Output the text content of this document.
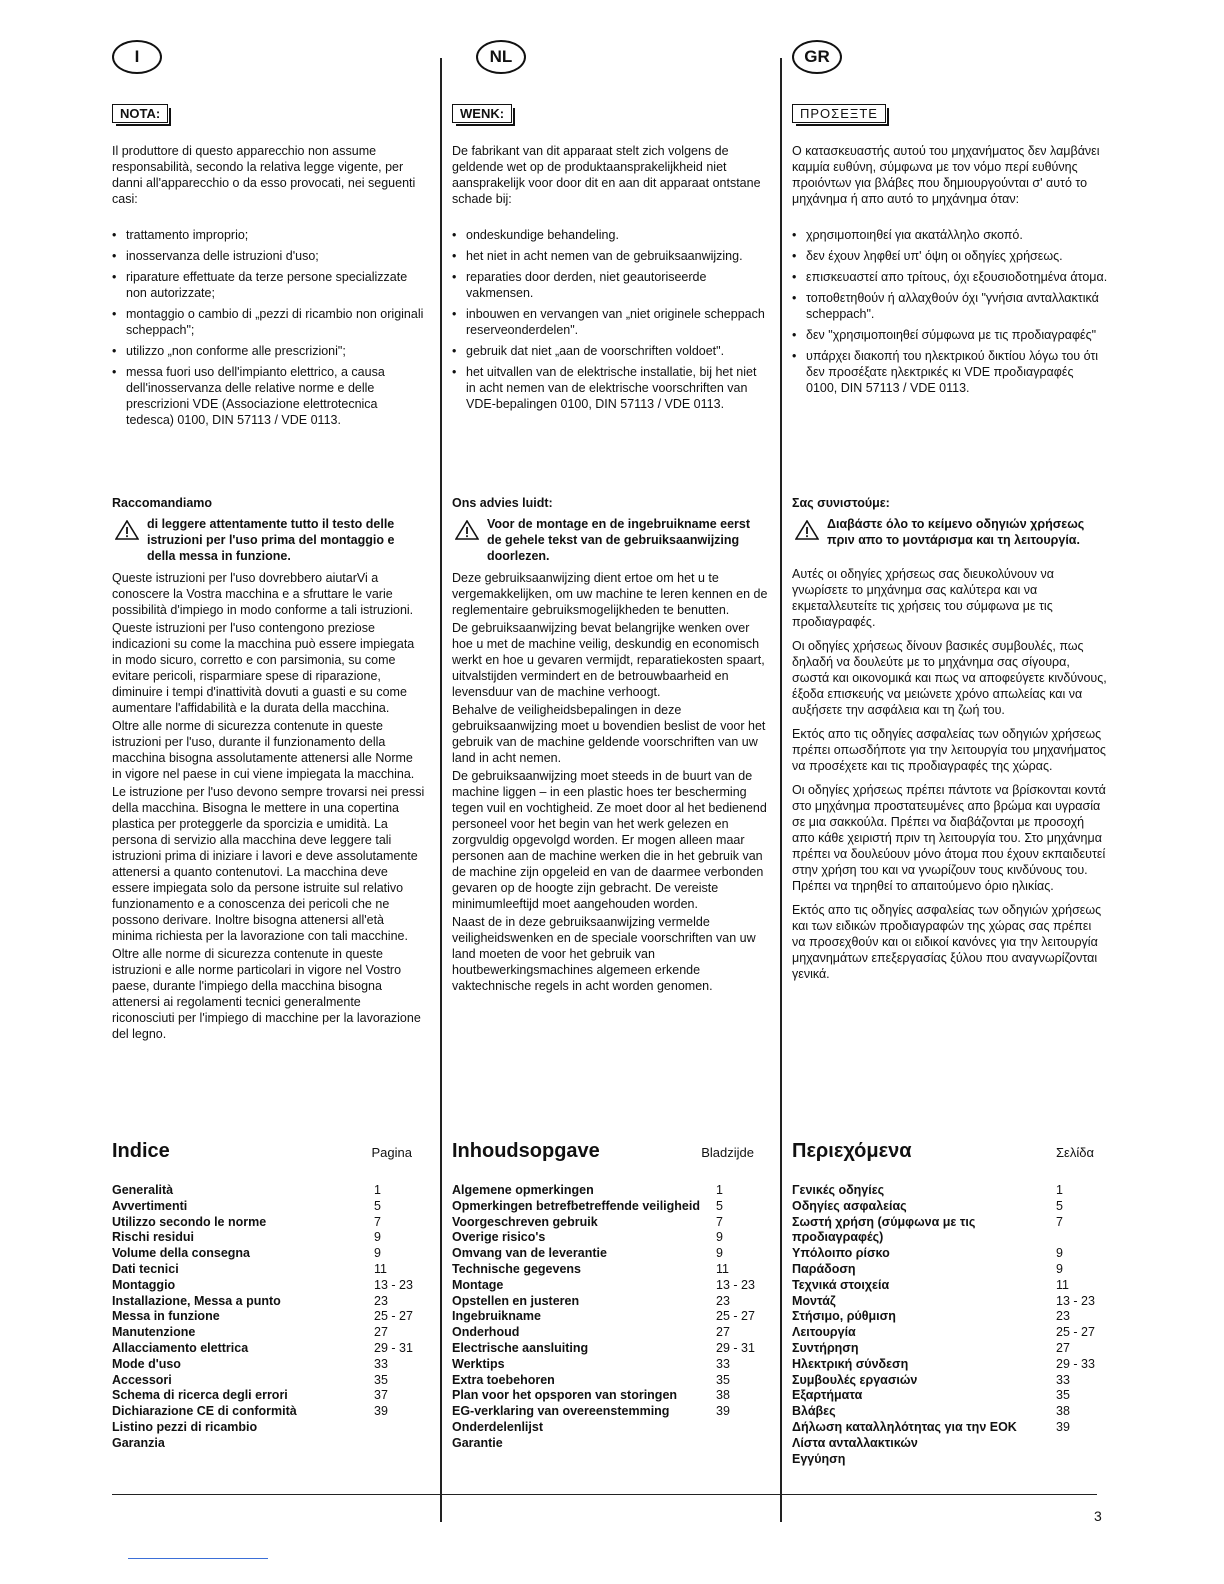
3
I
NOTA:

Il produttore di questo apparecchio non assume responsabilità, secondo la relativa legge vigente, per danni all'apparecchio o da esso provocati, nei seguenti casi:

• trattamento improprio;
• inosservanza delle istruzioni d'uso;
• riparature effettuate da terze persone specializzate non autorizzate;
• montaggio o cambio di „pezzi di ricambio non originali scheppach";
• utilizzo „non conforme alle prescrizioni";
• messa fuori uso dell'impianto elettrico, a causa dell'inosservanza delle relative norme e delle prescrizioni VDE (Associazione elettrotecnica tedesca) 0100, DIN 57113 / VDE 0113.
Raccomandiamo
di leggere attentamente tutto il testo delle istruzioni per l'uso prima del montaggio e della messa in funzione.

Queste istruzioni per l'uso dovrebbero aiutarVi a conoscere la Vostra macchina e a sfruttare le varie possibilità d'impiego in modo conforme a tali istruzioni.

Queste istruzioni per l'uso contengono preziose indicazioni su come la macchina può essere impiegata in modo sicuro, corretto e con parsimonia, su come evitare pericoli, risparmiare spese di riparazione, diminuire i tempi d'inattività dovuti a guasti e su come aumentare l'affidabilità e la durata della macchina.

Oltre alle norme di sicurezza contenute in queste istruzioni per l'uso, durante il funzionamento della macchina bisogna assolutamente attenersi alle Norme in vigore nel paese in cui viene impiegata la macchina.

Le istruzione per l'uso devono sempre trovarsi nei pressi della macchina. Bisogna le mettere in una copertina plastica per proteggerle da sporcizia e umidità. La persona di servizio alla macchina deve leggere tali istruzioni prima di iniziare i lavori e deve assolutamente attenersi a quanto contenutovi. La macchina deve essere impiegata solo da persone istruite sul relativo funzionamento e a conoscenza dei pericoli che ne possono derivare. Inoltre bisogna attenersi all'età minima richiesta per la lavorazione con tali macchine.

Oltre alle norme di sicurezza contenute in queste istruzioni e alle norme particolari in vigore nel Vostro paese, durante l'impiego della macchina bisogna attenersi ai regolamenti tecnici generalmente riconosciuti per l'impiego di macchine per la lavorazione del legno.

Indice	Pagina
Generalità	1
Avvertimenti	5
Utilizzo secondo le norme	7
Rischi residui	9
Volume della consegna	9
Dati tecnici	11
Montaggio	13 - 23
Installazione, Messa a punto	23
Messa in funzione	25 - 27
Manutenzione	27
Allacciamento elettrica	29 - 31
Mode d'uso	33
Accessori	35
Schema di ricerca degli errori	37
Dichiarazione CE di conformità	39
Listino pezzi di ricambio	
Garanzia	
NL
WENK:

De fabrikant van dit apparaat stelt zich volgens de geldende wet op de produktaansprakelijkheid niet aansprakelijk voor door dit en aan dit apparaat ontstane schade bij:

• ondeskundige behandeling.
• het niet in acht nemen van de gebruiksaanwijzing.
• reparaties door derden, niet geautoriseerde vakmensen.
• inbouwen en vervangen van „niet originele scheppach reserveonderdelen".
• gebruik dat niet „aan de voorschriften voldoet".
• het uitvallen van de elektrische installatie, bij het niet in acht nemen van de elektrische voorschriften van VDE-bepalingen 0100, DIN 57113 / VDE 0113.
Ons advies luidt:
Voor de montage en de ingebruikname eerst de gehele tekst van de gebruiksaanwijzing doorlezen.

Deze gebruiksaanwijzing dient ertoe om het u te vergemakkelijken, om uw machine te leren kennen en de reglementaire gebruiksmogelijkheden te benutten.

De gebruiksaanwijzing bevat belangrijke wenken over hoe u met de machine veilig, deskundig en economisch werkt en hoe u gevaren vermijdt, reparatiekosten spaart, uitvalstijden vermindert en de betrouwbaarheid en levensduur van de machine verhoogt.

Behalve de veiligheidsbepalingen in deze gebruiksaanwijzing moet u bovendien beslist de voor het gebruik van de machine geldende voorschriften van uw land in acht nemen.

De gebruiksaanwijzing moet steeds in de buurt van de machine liggen – in een plastic hoes ter bescherming tegen vuil en vochtigheid. Ze moet door al het bedienend personeel voor het begin van het werk gelezen en zorgvuldig opgevolgd worden. Er mogen alleen maar personen aan de machine werken die in het gebruik van de machine zijn opgeleid en van de daarmee verbonden gevaren op de hoogte zijn gebracht. De vereiste minimumleeftijd moet aangehouden worden.

Naast de in deze gebruiksaanwijzing vermelde veiligheidswenken en de speciale voorschriften van uw land moeten de voor het gebruik van houtbewerkingsmachines algemeen erkende vaktechnische regels in acht worden genomen.

Inhoudsopgave	Bladzijde
Algemene opmerkingen	1
Opmerkingen betrefbetreffende veiligheid	5
Voorgeschreven gebruik	7
Overige risico's	9
Omvang van de leverantie	9
Technische gegevens	11
Montage	13 - 23
Opstellen en justeren	23
Ingebruikname	25 - 27
Onderhoud	27
Electrische aansluiting	29 - 31
Werktips	33
Extra toebehoren	35
Plan voor het opsporen van storingen	38
EG-verklaring van overeenstemming	39
Onderdelenlijst	
Garantie	
GR
ΠΡΟΣΕΞΤΕ

Ο κατασκευαστής αυτού του μηχανήματος δεν λαμβάνει καμμία ευθύνη, σύμφωνα με τον νόμο περί ευθύνης προιόντων για βλάβες που δημιουργούνται σ' αυτό το μηχάνημα ή απο αυτό το μηχάνημα όταν:

• χρησιμοποιηθεί για ακατάλληλο σκοπό.
• δεν έχουν ληφθεί υπ' όψη οι οδηγίες χρήσεως.
• επισκευαστεί απο τρίτους, όχι εξουσιοδοτημένα άτομα.
• τοποθετηθούν ή αλλαχθούν όχι "γνήσια ανταλλακτικά scheppach".
• δεν "χρησιμοποιηθεί σύμφωνα με τις προδιαγραφές"
• υπάρχει διακοπή του ηλεκτρικού δικτίου λόγω του ότι δεν προσέξατε ηλεκτρικές κι VDE προδιαγραφές 0100, DIN 57113 / VDE 0113.
Σας συνιστούμε:
Διαβάστε όλο το κείμενο οδηγιών χρήσεως πριν απο το μοντάρισμα και τη λειτουργία.

Αυτές οι οδηγίες χρήσεως σας διευκολύνουν να γνωρίσετε το μηχάνημα σας καλύτερα και να εκμεταλλευτείτε τις χρήσεις του σύμφωνα με τις προδιαγραφές.

Οι οδηγίες χρήσεως δίνουν βασικές συμβουλές, πως δηλαδή να δουλεύτε με το μηχάνημα σας σίγουρα, σωστά και οικονομικά και πως να αποφεύγετε κινδύνους, έξοδα επισκευής να μειώνετε χρόνο απωλείας και να αυξήσετε την ασφάλεια και τη ζωή του.

Εκτός απο τις οδηγίες ασφαλείας των οδηγιών χρήσεως πρέπει οπωσδήποτε για την λειτουργία του μηχανήματος να προσέχετε και τις προδιαγραφές της χώρας.

Οι οδηγίες χρήσεως πρέπει πάντοτε να βρίσκονται κοντά στο μηχάνημα προστατευμένες απο βρώμα και υγρασία σε μια σακκούλα. Πρέπει να διαβάζονται με προσοχή απο κάθε χειριστή πριν τη λειτουργία του. Στο μηχάνημα πρέπει να δουλεύουν μόνο άτομα που έχουν εκπαιδευτεί στην χρήση του και να γνωρίζουν τους κινδύνους του. Πρέπει να τηρηθεί το απαιτούμενο όριο ηλικίας.

Εκτός απο τις οδηγίες ασφαλείας των οδηγιών χρήσεως και των ειδικών προδιαγραφών της χώρας σας πρέπει να προσεχθούν και οι ειδικοί κανόνες για την λειτουργία μηχανημάτων επεξεργασίας ξύλου που αναγνωρίζονται γενικά.

Περιεχόμενα	Σελίδα
Γενικές οδηγίες	1
Οδηγίες ασφαλείας	5
Σωστή χρήση (σύμφωνα με τις προδιαγραφές)	7
Υπόλοιπο ρίσκο	9
Παράδοση	9
Τεχνικά στοιχεία	11
Μοντάζ	13 - 23
Στήσιμο, ρύθμιση	23
Λειτουργία	25 - 27
Συντήρηση	27
Ηλεκτρική σύνδεση	29 - 33
Συμβουλές εργασιών	33
Εξαρτήματα	35
Βλάβες	38
Δήλωση καταλληλότητας για την ΕΟΚ	39
Λίστα ανταλλακτικών	
Εγγύηση	
